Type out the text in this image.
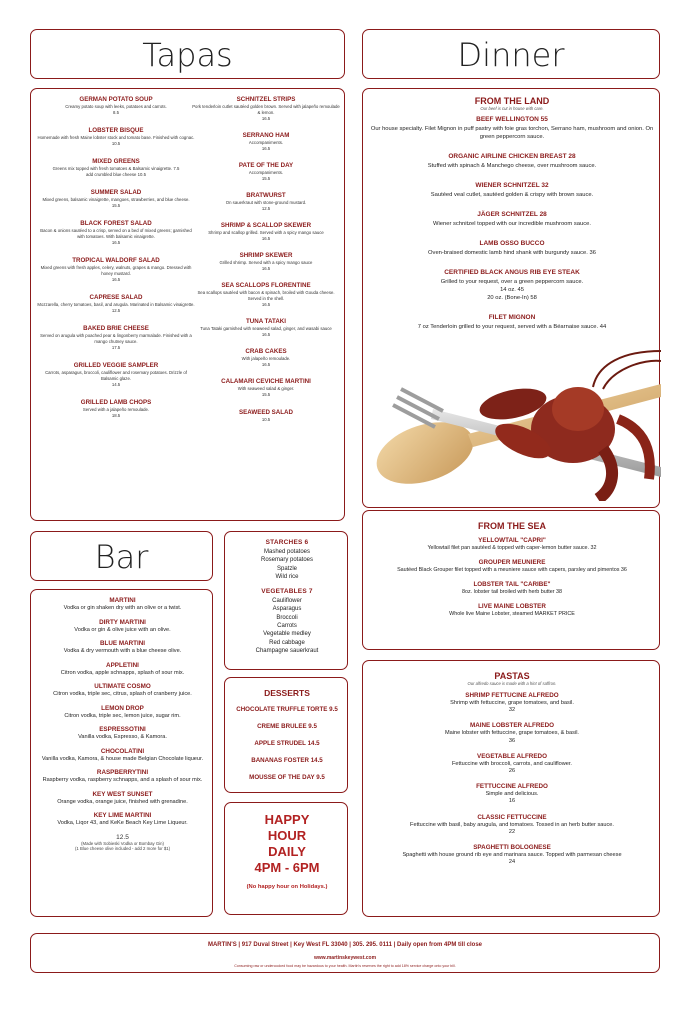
Tapas
GERMAN POTATO SOUP
Creamy potato soup with leeks, potatoes and carrots.
8.5
LOBSTER BISQUE
Homemade with fresh Maine lobster stock and tomato base. Finished with cognac.
10.5
MIXED GREENS
Greens mix topped with fresh tomatoes & Balsamic vinaigrette. 7.5
add crumbled blue cheese 10.5
SUMMER SALAD
Mixed greens, balsamic vinaigrette, mangoes, strawberries, and blue cheese.
15.5
BLACK FOREST SALAD
Bacon & onions sautéed to a crisp, served on a bed of mixed greens; garnished with tomatoes. With balsamic vinaigrette.
16.5
TROPICAL WALDORF SALAD
Mixed greens with fresh apples, celery, walnuts, grapes & mango. Dressed with honey mustard.
16.5
CAPRESE SALAD
Mozzarella, cherry tomatoes, basil, and arugula. Marinated in Balsamic vinaigrette.
12.5
BAKED BRIE CHEESE
Served on arugula with poached pear & lingonberry marmalade. Finished with a mango chutney sauce.
17.5
GRILLED VEGGIE SAMPLER
Carrots, asparagus, broccoli, cauliflower and rosemary potatoes. Drizzle of Balsamic glaze.
14.5
GRILLED LAMB CHOPS
Served with a jalapeño remoulade.
18.5
SCHNITZEL STRIPS
Pork tenderloin cutlet sautéed golden brown. Served with jalapeño remoulade & lemon.
16.5
SERRANO HAM
Accompaniments.
16.5
PATE OF THE DAY
Accompaniments.
15.5
BRATWURST
On sauerkraut with stone-ground mustard.
12.5
SHRIMP & SCALLOP SKEWER
Shrimp and scallop grilled. Served with a spicy mango sauce
16.5
SHRIMP SKEWER
Grilled shrimp. Served with a spicy mango sauce
16.5
SEA SCALLOPS FLORENTINE
Sea scallops sautéed with bacon & spinach, broiled with Gouda cheese. Served in the shell.
16.5
TUNA TATAKI
Tuna Tataki garnished with seaweed salad, ginger, and wasabi sauce
16.5
CRAB CAKES
With jalapeño remoulade.
16.5
CALAMARI CEVICHE MARTINI
With seaweed salad & ginger.
15.5
SEAWEED SALAD
10.5
Dinner
FROM THE LAND
Our beef is cut in house with care.
BEEF WELLINGTON 55
Our house specialty. Filet Mignon in puff pastry with foie gras torchon, Serrano ham, mushroom and onion. On green peppercorn sauce.
ORGANIC AIRLINE CHICKEN BREAST 28
Stuffed with spinach & Manchego cheese, over mushroom sauce.
WIENER SCHNITZEL 32
Sautéed veal cutlet, sautéed golden & crispy with brown sauce.
JÄGER SCHNITZEL 28
Wiener schnitzel topped with our incredible mushroom sauce.
LAMB OSSO BUCCO
Oven-braised domestic lamb hind shank with burgundy sauce. 36
CERTIFIED BLACK ANGUS RIB EYE STEAK
Grilled to your request, over a green peppercorn sauce.
14 oz. 45
20 oz. (Bone-In) 58
FILET MIGNON
7 oz Tenderloin grilled to your request, served with a Béarnaise sauce. 44
FROM THE SEA
YELLOWTAIL "CAPRI"
Yellowtail filet pan sautéed & topped with caper-lemon butter sauce. 32
GROUPER MEUNIERE
Sautéed Black Grouper filet topped with a meuniere sauce with capers, parsley and pimentos 36
LOBSTER TAIL "CARIBE"
8oz. lobster tail broiled with herb butter 38
LIVE MAINE LOBSTER
Whole live Maine Lobster, steamed MARKET PRICE
Bar
MARTINI
Vodka or gin shaken dry with an olive or a twist.
DIRTY MARTINI
Vodka or gin & olive juice with an olive.
BLUE MARTINI
Vodka & dry vermouth with a blue cheese olive.
APPLETINI
Citron vodka, apple schnapps, splash of sour mix.
ULTIMATE COSMO
Citron vodka, triple sec, citrus, splash of cranberry juice.
LEMON DROP
Citron vodka, triple sec, lemon juice, sugar rim.
ESPRESSOTINI
Vanilla vodka, Espresso, & Kamora.
CHOCOLATINI
Vanilla vodka, Kamora, & house made Belgian Chocolate liqueur.
RASPBERRYTINI
Raspberry vodka, raspberry schnapps, and a splash of sour mix.
KEY WEST SUNSET
Orange vodka, orange juice, finished with grenadine.
KEY LIME MARTINI
Vodka, Liqor 43, and KeKe Beach Key Lime Liqueur.
12.5
(Made with Sobieski Vodka or Bombay Gin)
(1 Blue cheese olive included - add 2 more for $1)
STARCHES 6
Mashed potatoes
Rosemary potatoes
Spatzle
Wild rice
VEGETABLES 7
Cauliflower
Asparagus
Broccoli
Carrots
Vegetable medley
Red cabbage
Champagne sauerkraut
DESSERTS
CHOCOLATE TRUFFLE TORTE 9.5
CREME BRULEE 9.5
APPLE STRUDEL 14.5
BANANAS FOSTER 14.5
MOUSSE OF THE DAY 9.5
HAPPY
HOUR
DAILY
4PM - 6PM
(No happy hour on Holidays.)
PASTAS
Our alfredo sauce is made with a hint of saffron.
SHRIMP FETTUCINE ALFREDO
Shrimp with fettuccine, grape tomatoes, and basil.
32
MAINE LOBSTER ALFREDO
Maine lobster with fettuccine, grape tomatoes, & basil.
36
VEGETABLE ALFREDO
Fettuccine with broccoli, carrots, and cauliflower.
26
FETTUCCINE ALFREDO
Simple and delicious.
16
CLASSIC FETTUCCINE
Fettuccine with basil, baby arugula, and tomatoes. Tossed in an herb butter sauce.
22
SPAGHETTI BOLOGNESE
Spaghetti with house ground rib eye and marinara sauce. Topped with parmesan cheese
24
MARTIN'S | 917 Duval Street | Key West FL 33040 | 305. 295. 0111 | Daily open from 4PM till close
www.martinskeywest.com
Consuming raw or undercooked food may be hazardous to your health. Martin's reserves the right to add 18% service charge onto your bill.
